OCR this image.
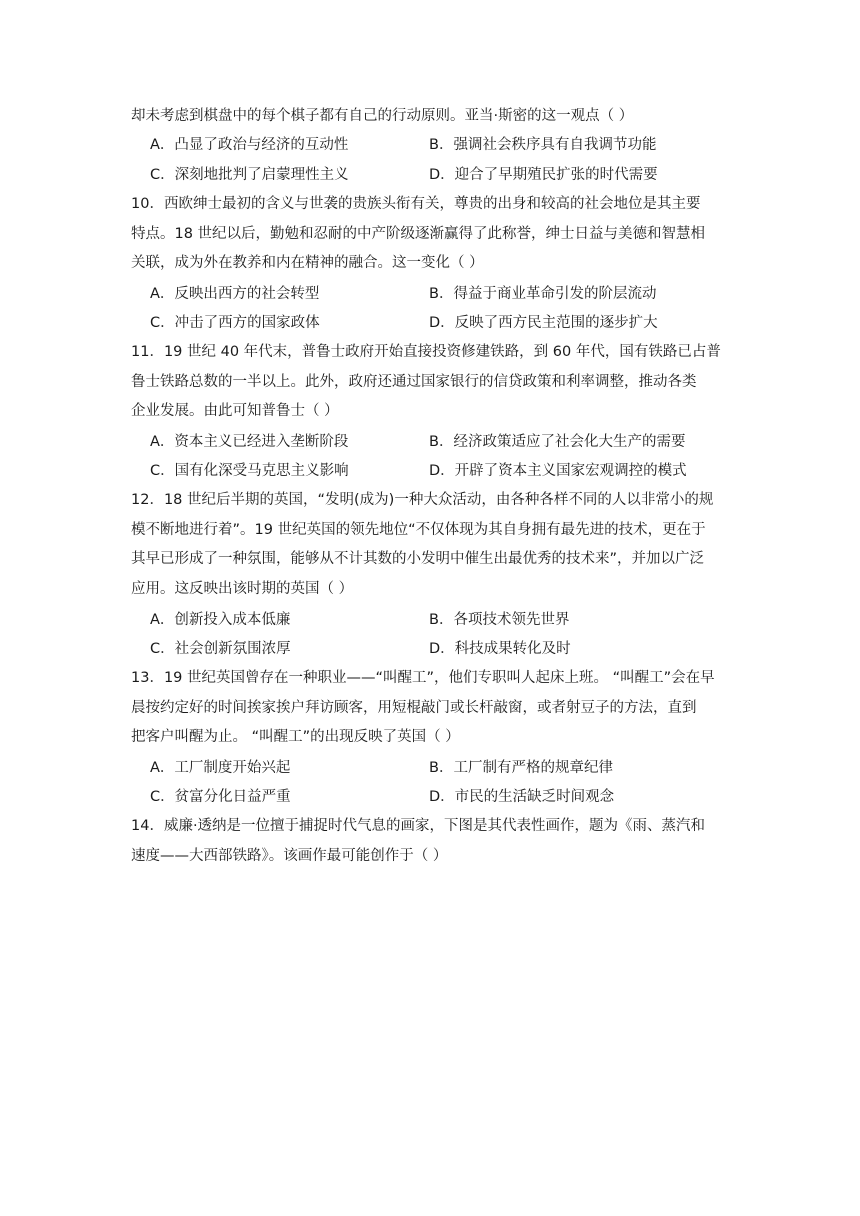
却未考虑到棋盘中的每个棋子都有自己的行动原则。亚当·斯密的这一观点（ ）
A．凸显了政治与经济的互动性	B．强调社会秩序具有自我调节功能
C．深刻地批判了启蒙理性主义	D．迎合了早期殖民扩张的时代需要
10．西欧绅士最初的含义与世袭的贵族头衔有关，尊贵的出身和较高的社会地位是其主要
特点。18 世纪以后，勤勉和忍耐的中产阶级逐渐赢得了此称誉，绅士日益与美德和智慧相
关联，成为外在教养和内在精神的融合。这一变化（ ）
A．反映出西方的社会转型	B．得益于商业革命引发的阶层流动
C．冲击了西方的国家政体	D．反映了西方民主范围的逐步扩大
11．19 世纪 40 年代末，普鲁士政府开始直接投资修建铁路，到 60 年代，国有铁路已占普
鲁士铁路总数的一半以上。此外，政府还通过国家银行的信贷政策和利率调整，推动各类
企业发展。由此可知普鲁士（ ）
A．资本主义已经进入垄断阶段	B．经济政策适应了社会化大生产的需要
C．国有化深受马克思主义影响	D．开辟了资本主义国家宏观调控的模式
12．18 世纪后半期的英国，“发明(成为)一种大众活动，由各种各样不同的人以非常小的规
模不断地进行着”。19 世纪英国的领先地位“不仅体现为其自身拥有最先进的技术，更在于
其早已形成了一种氛围，能够从不计其数的小发明中催生出最优秀的技术来”，并加以广泛
应用。这反映出该时期的英国（ ）
A．创新投入成本低廉	B．各项技术领先世界
C．社会创新氛围浓厚	D．科技成果转化及时
13．19 世纪英国曾存在一种职业——“叫醒工”，他们专职叫人起床上班。 “叫醒工”会在早
晨按约定好的时间挨家挨户拜访顾客，用短棍敲门或长杆敲窗，或者射豆子的方法，直到
把客户叫醒为止。 “叫醒工”的出现反映了英国（ ）
A．工厂制度开始兴起	B．工厂制有严格的规章纪律
C．贫富分化日益严重	D．市民的生活缺乏时间观念
14．威廉·透纳是一位擅于捕捉时代气息的画家，下图是其代表性画作，题为《雨、蒸汽和
速度——大西部铁路》。该画作最可能创作于（ ）
